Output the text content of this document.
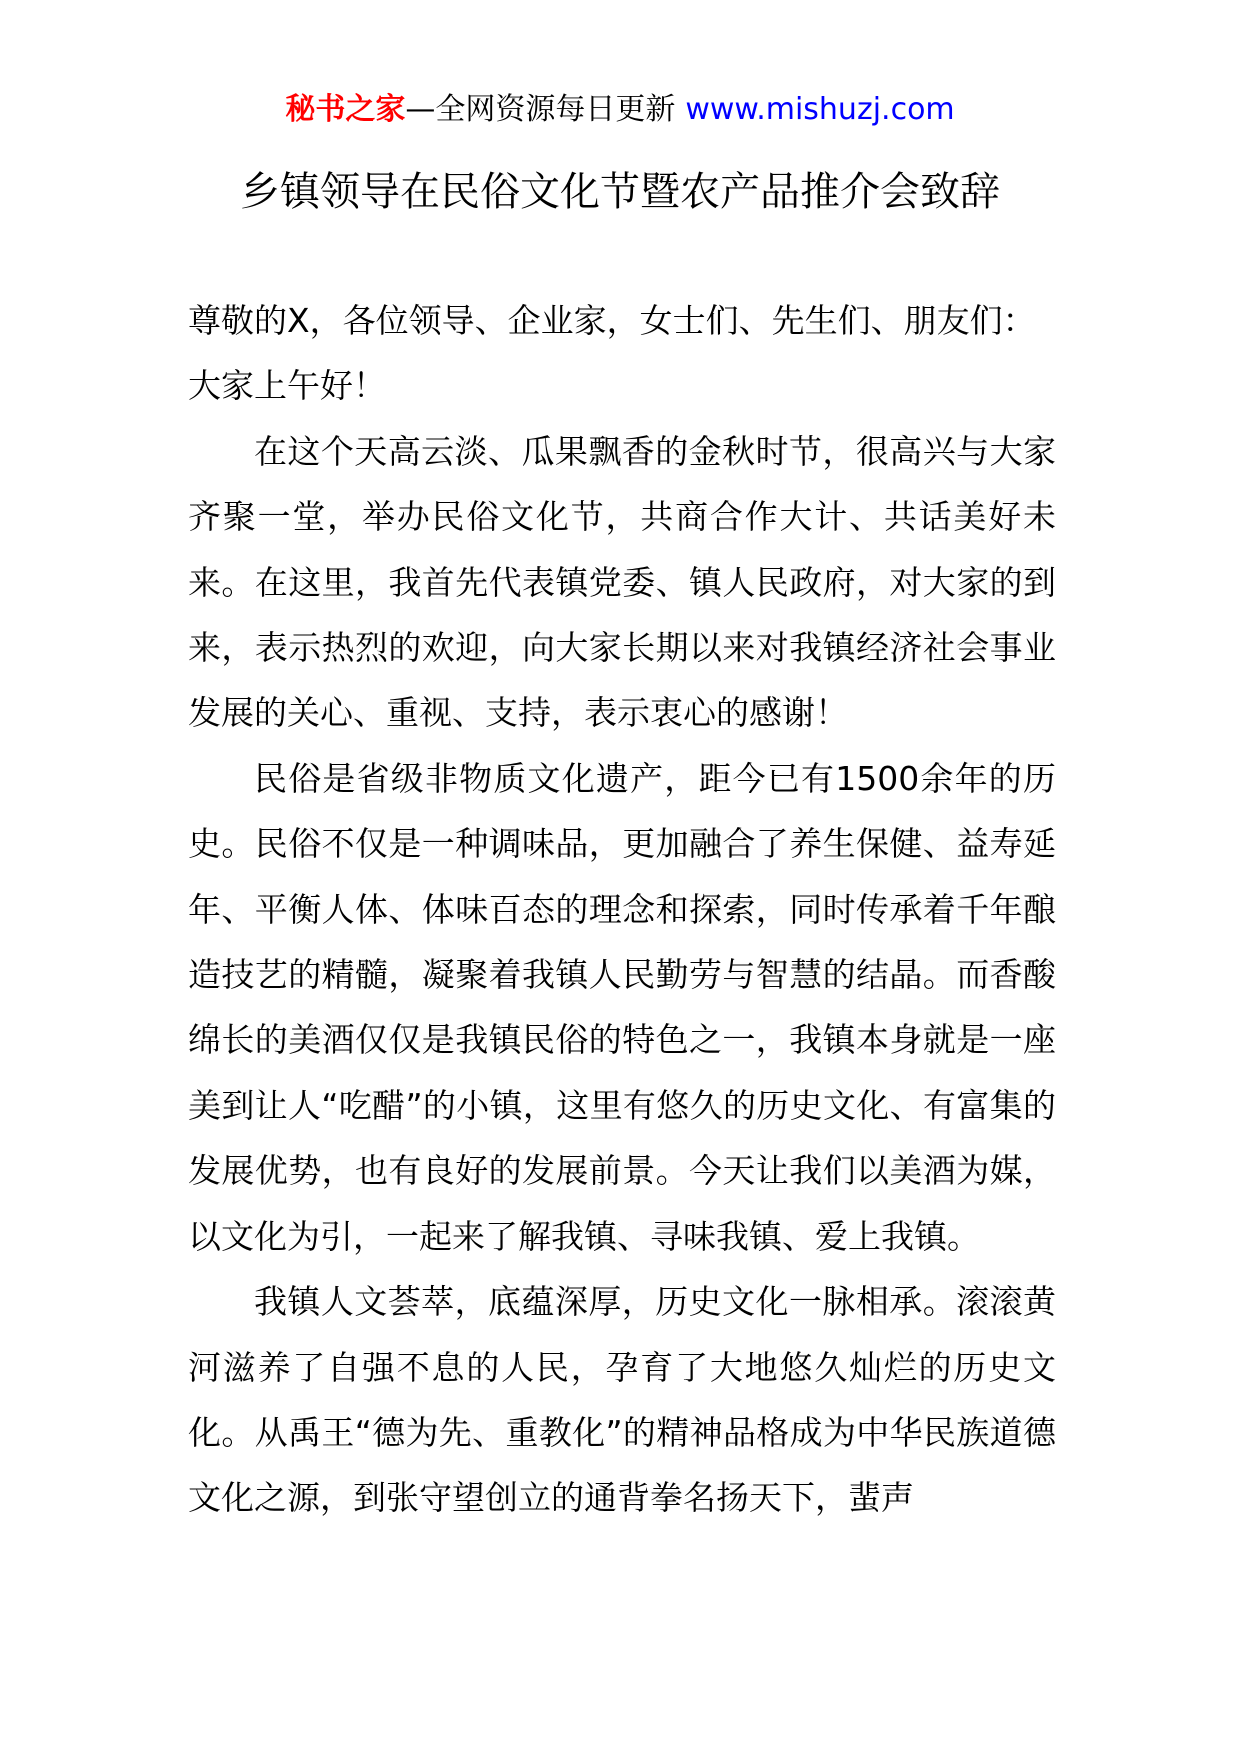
秘书之家—全网资源每日更新 www.mishuzj.com
乡镇领导在民俗文化节暨农产品推介会致辞

尊敬的X，各位领导、企业家，女士们、先生们、朋友们：

大家上午好！

在这个天高云淡、瓜果飘香的金秋时节，很高兴与大家齐聚一堂，举办民俗文化节，共商合作大计、共话美好未来。在这里，我首先代表镇党委、镇人民政府，对大家的到来，表示热烈的欢迎，向大家长期以来对我镇经济社会事业发展的关心、重视、支持，表示衷心的感谢！

民俗是省级非物质文化遗产，距今已有1500余年的历史。民俗不仅是一种调味品，更加融合了养生保健、益寿延年、平衡人体、体味百态的理念和探索，同时传承着千年酿造技艺的精髓，凝聚着我镇人民勤劳与智慧的结晶。而香酸绵长的美酒仅仅是我镇民俗的特色之一，我镇本身就是一座美到让人“吃醋”的小镇，这里有悠久的历史文化、有富集的发展优势，也有良好的发展前景。今天让我们以美酒为媒，以文化为引，一起来了解我镇、寻味我镇、爱上我镇。

我镇人文荟萃，底蕴深厚，历史文化一脉相承。滚滚黄河滋养了自强不息的人民，孕育了大地悠久灿烂的历史文化。从禹王“德为先、重教化”的精神品格成为中华民族道德文化之源，到张守望创立的通背拳名扬天下，蜚声
